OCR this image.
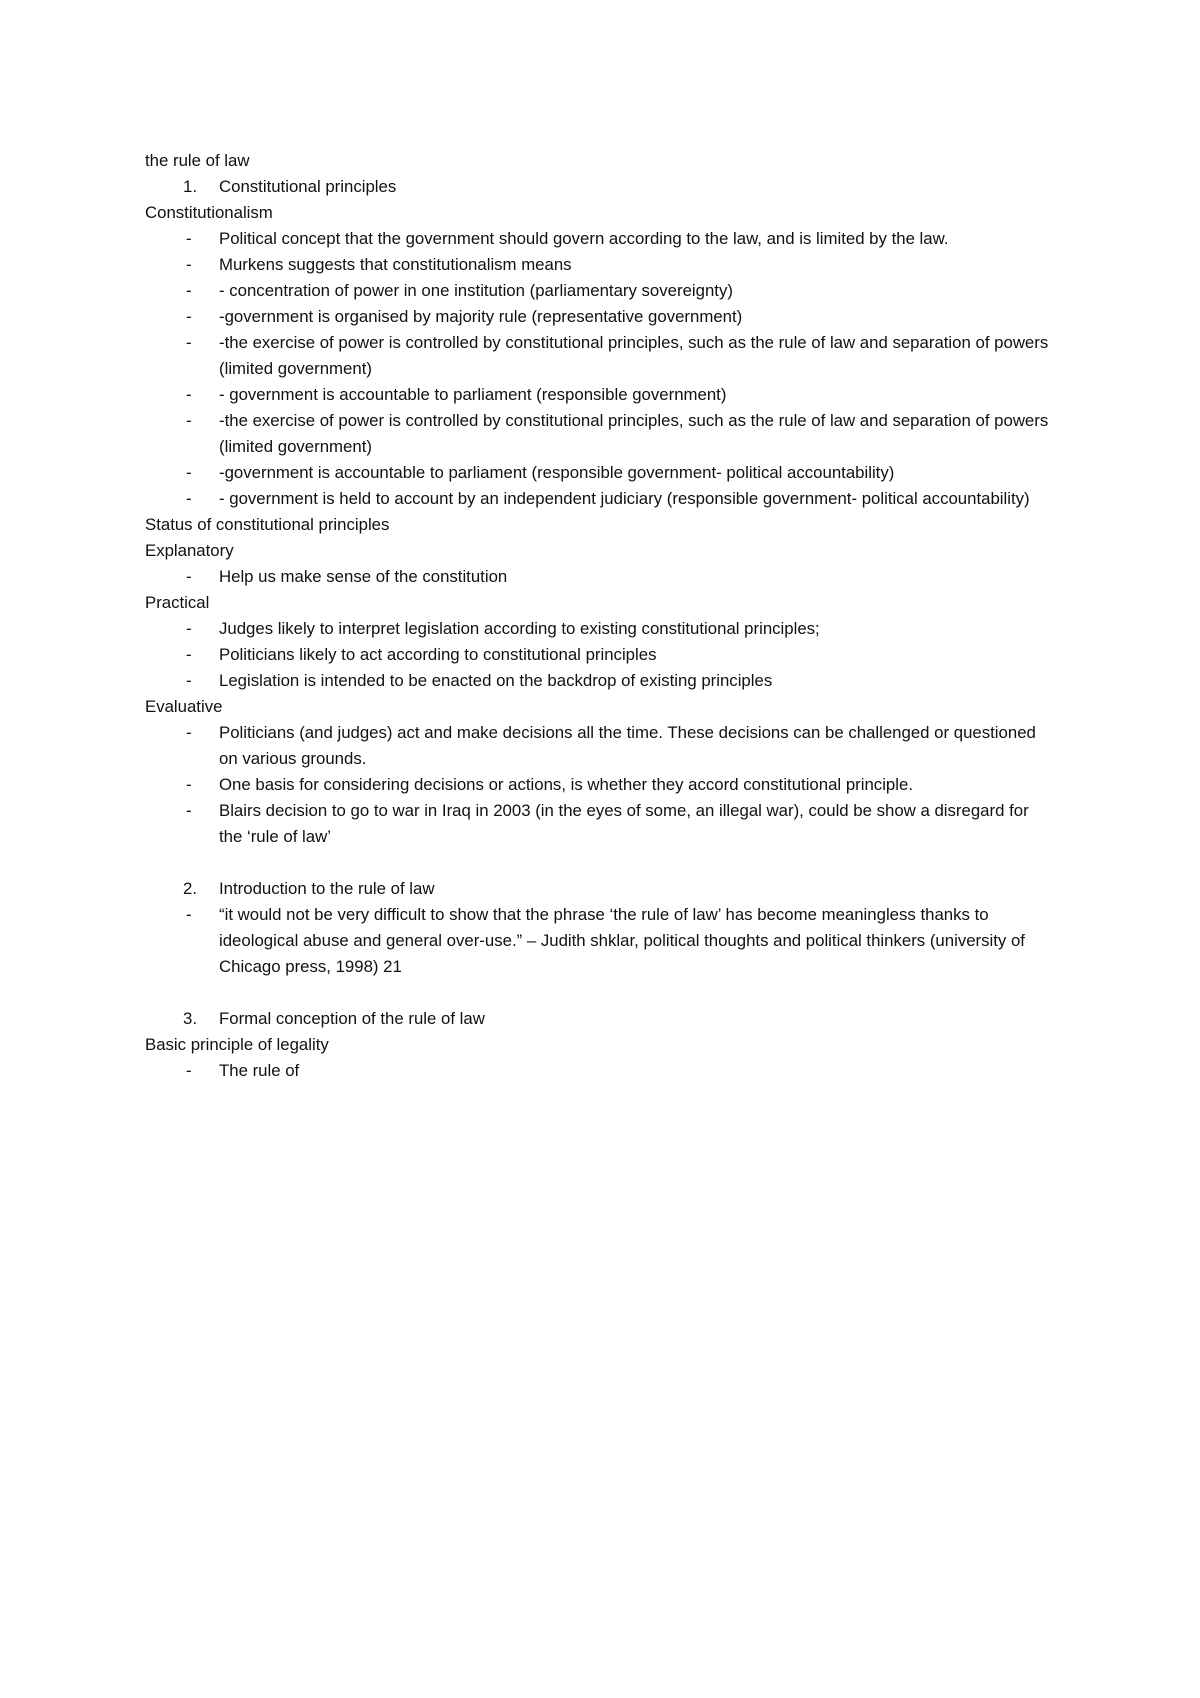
the rule of law

1.	Constitutional principles

Constitutionalism

- Political concept that the government should govern according to the law, and is limited by the law.
- Murkens suggests that constitutionalism means
- - concentration of power in one institution (parliamentary sovereignty)
- -government is organised by majority rule (representative government)
- -the exercise of power is controlled by constitutional principles, such as the rule of law and separation of powers (limited government)
- - government is accountable to parliament (responsible government)
- -the exercise of power is controlled by constitutional principles, such as the rule of law and separation of powers (limited government)
- -government is accountable to parliament (responsible government- political accountability)
- - government is held to account by an independent judiciary (responsible government- political accountability)

Status of constitutional principles

Explanatory

- Help us make sense of the constitution

Practical

- Judges likely to interpret legislation according to existing constitutional principles;
- Politicians likely to act according to constitutional principles
- Legislation is intended to be enacted on the backdrop of existing principles

Evaluative

- Politicians (and judges) act and make decisions all the time. These decisions can be challenged or questioned on various grounds.
- One basis for considering decisions or actions, is whether they accord constitutional principle.
- Blairs decision to go to war in Iraq in 2003 (in the eyes of some, an illegal war), could be show a disregard for the ‘rule of law’
2.	Introduction to the rule of law
- “it would not be very difficult to show that the phrase ‘the rule of law’ has become meaningless thanks to ideological abuse and general over-use.” – Judith shklar, political thoughts and political thinkers (university of Chicago press, 1998) 21
3.	Formal conception of the rule of law

Basic principle of legality

- The rule of
